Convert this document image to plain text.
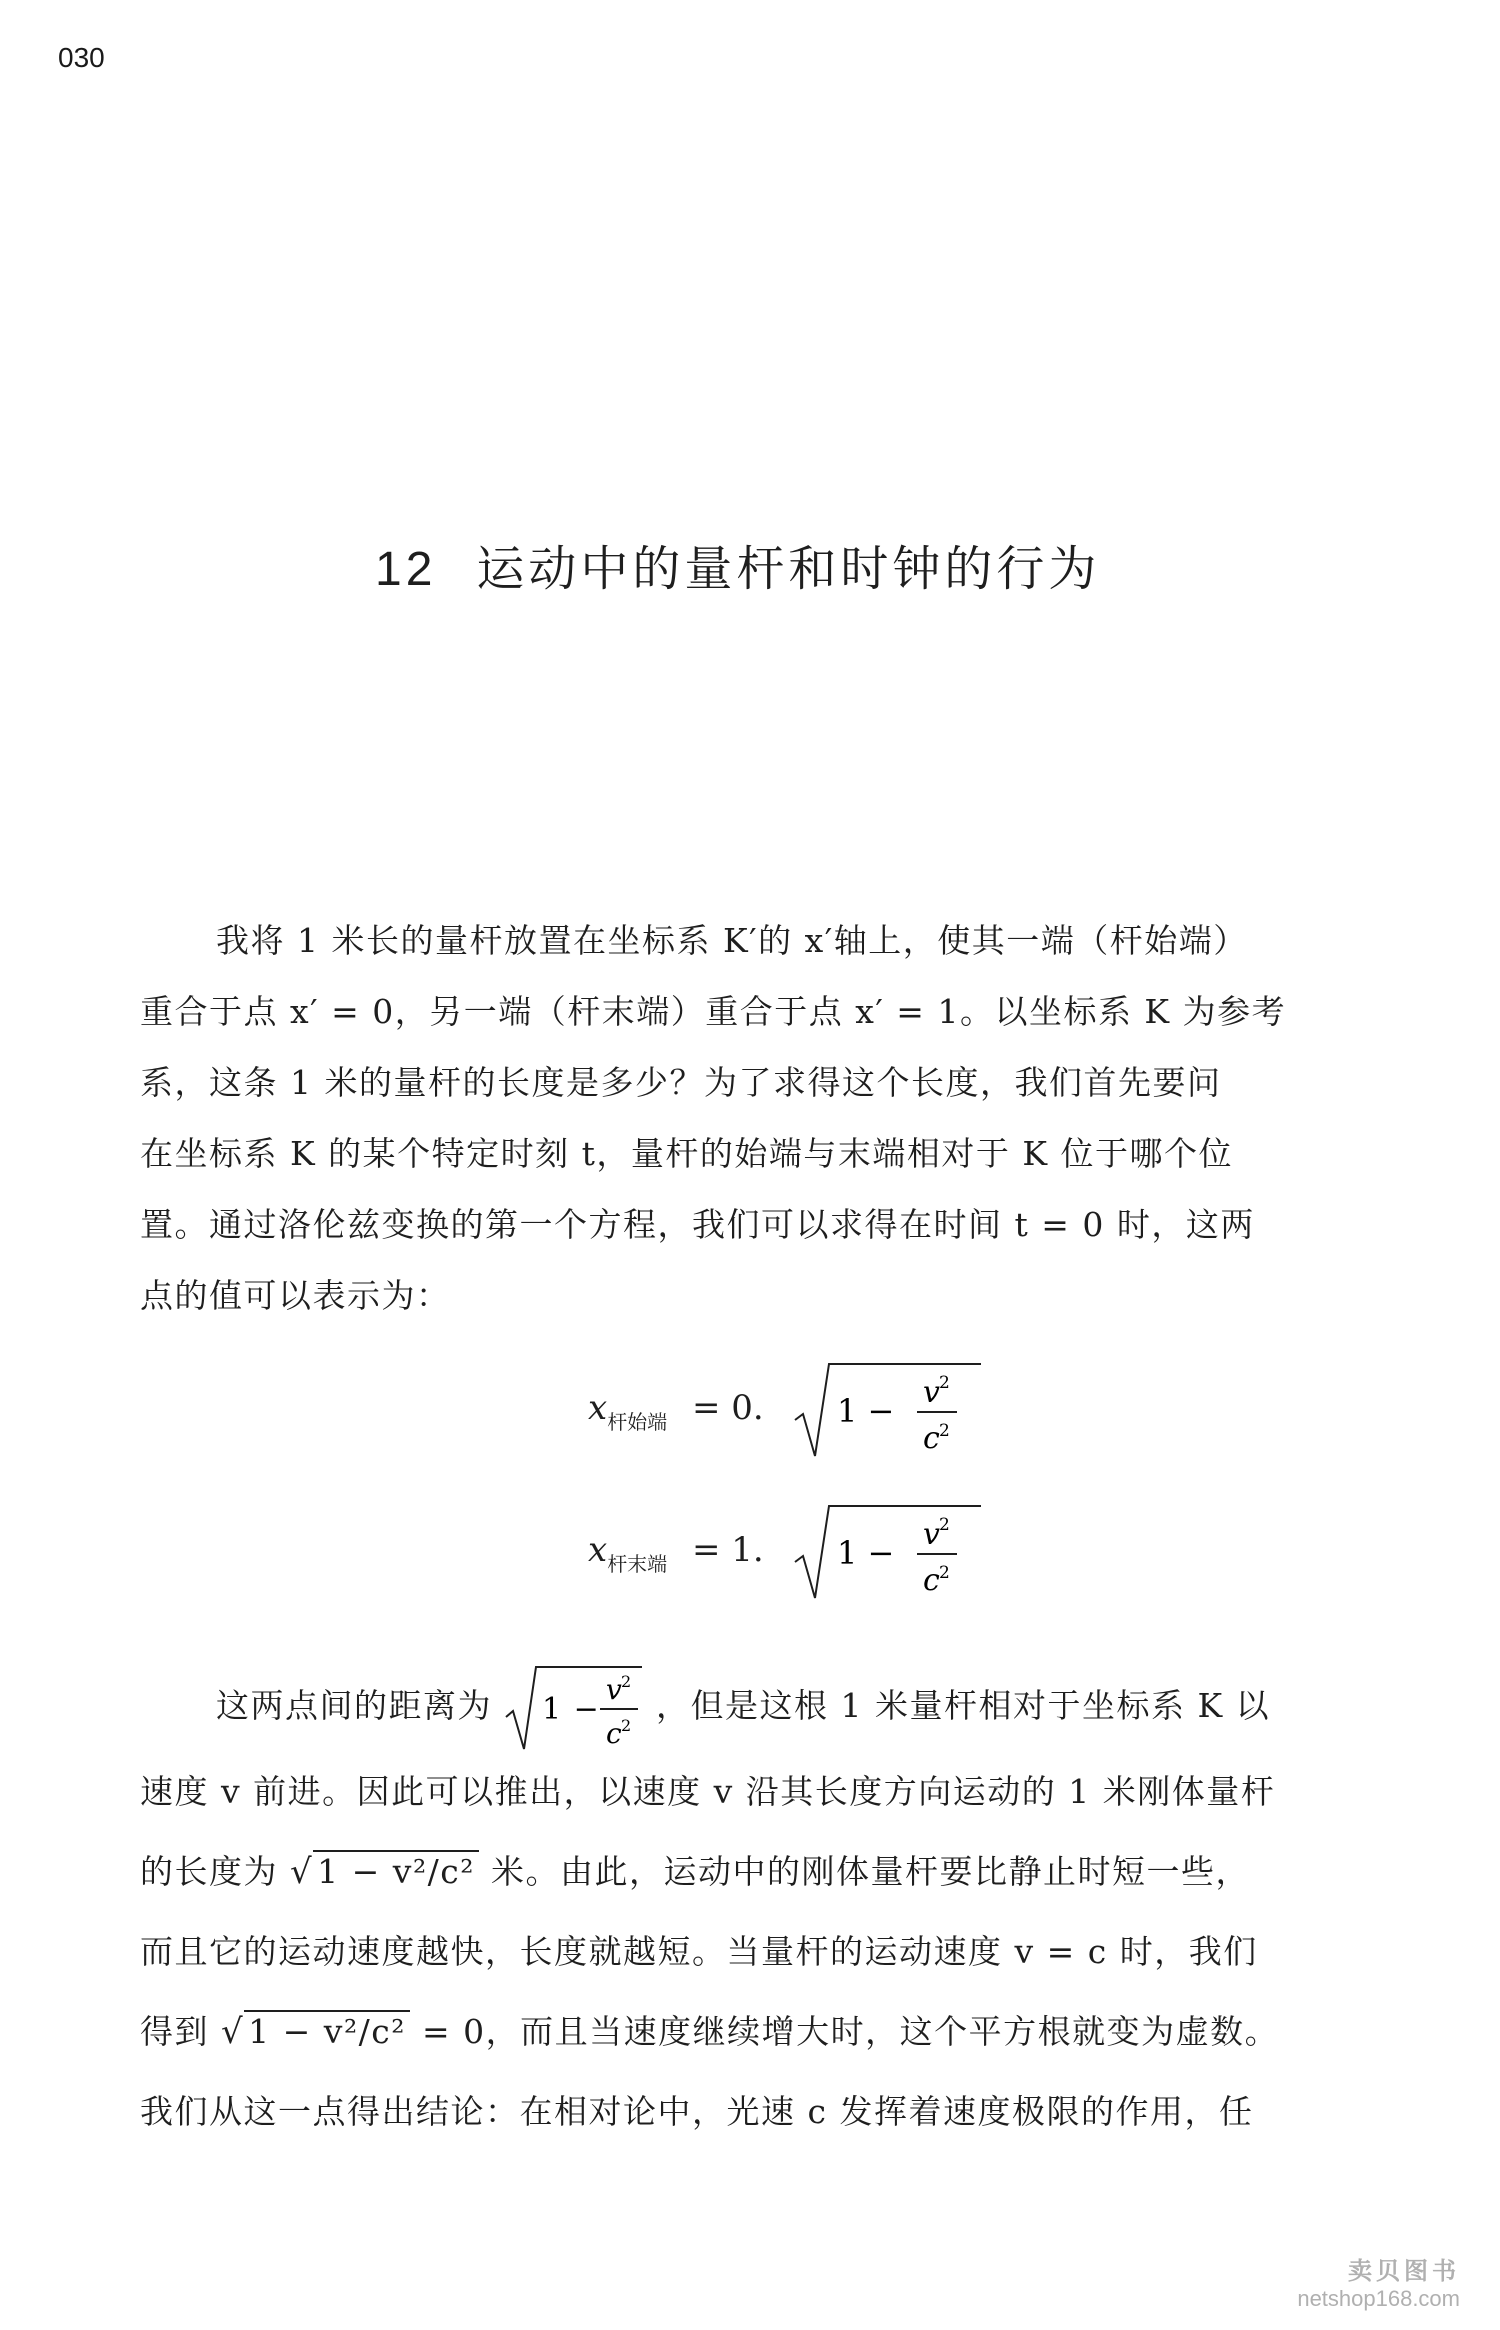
030
12 运动中的量杆和时钟的行为
我将 1 米长的量杆放置在坐标系 K′的 x′轴上，使其一端（杆始端）
重合于点 x′ = 0，另一端（杆末端）重合于点 x′ = 1。以坐标系 K 为参考
系，这条 1 米的量杆的长度是多少？为了求得这个长度，我们首先要问
在坐标系 K 的某个特定时刻 t，量杆的始端与末端相对于 K 位于哪个位
置。通过洛伦兹变换的第一个方程，我们可以求得在时间 t = 0 时，这两
点的值可以表示为：
$x_{杆始端} = 0$. 1 − v 2
c 2
$x_{杆末端} = 1$. 1 − v 2
c 2
这两点间的距离为 1 −
v
2
c
2
，但是这根 1 米量杆相对于坐标系 K 以
速度 v 前进。因此可以推出，以速度 v 沿其长度方向运动的 1 米刚体量杆
的长度为 √ 1 − v²/c² 米。由此，运动中的刚体量杆要比静止时短一些，
而且它的运动速度越快，长度就越短。当量杆的运动速度 v = c 时，我们
得到 √ 1 − v²/c² = 0，而且当速度继续增大时，这个平方根就变为虚数。
我们从这一点得出结论：在相对论中，光速 c 发挥着速度极限的作用，任
卖贝图书
netshop168.com
